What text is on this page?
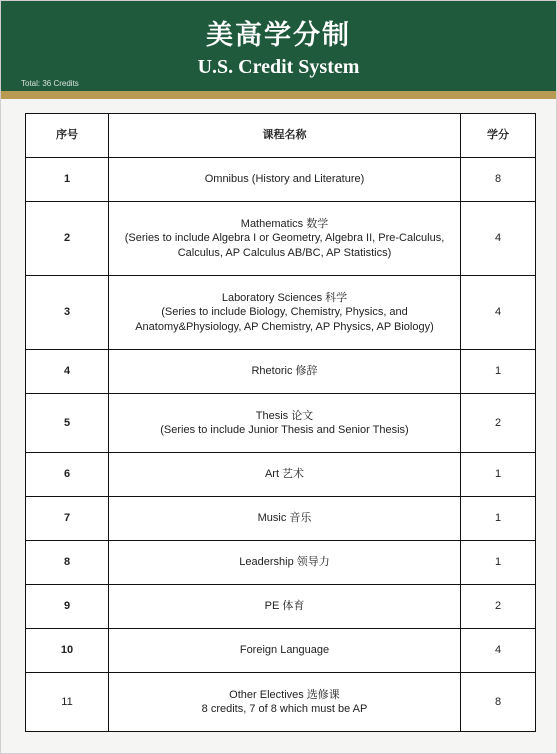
美高学分制
U.S. Credit System
Total: 36 Credits
序号	课程名称	学分
1	Omnibus (History and Literature)	8
2	Mathematics 数学
(Series to include Algebra I or Geometry, Algebra II, Pre-Calculus,
Calculus, AP Calculus AB/BC, AP Statistics)	4
3	Laboratory Sciences 科学
(Series to include Biology, Chemistry, Physics, and
Anatomy&Physiology, AP Chemistry, AP Physics, AP Biology)	4
4	Rhetoric 修辞	1
5	Thesis 论文
(Series to include Junior Thesis and Senior Thesis)	2
6	Art 艺术	1
7	Music 音乐	1
8	Leadership 领导力	1
9	PE 体育	2
10	Foreign Language	4
11	Other Electives 选修课
8 credits, 7 of 8 which must be AP	8
